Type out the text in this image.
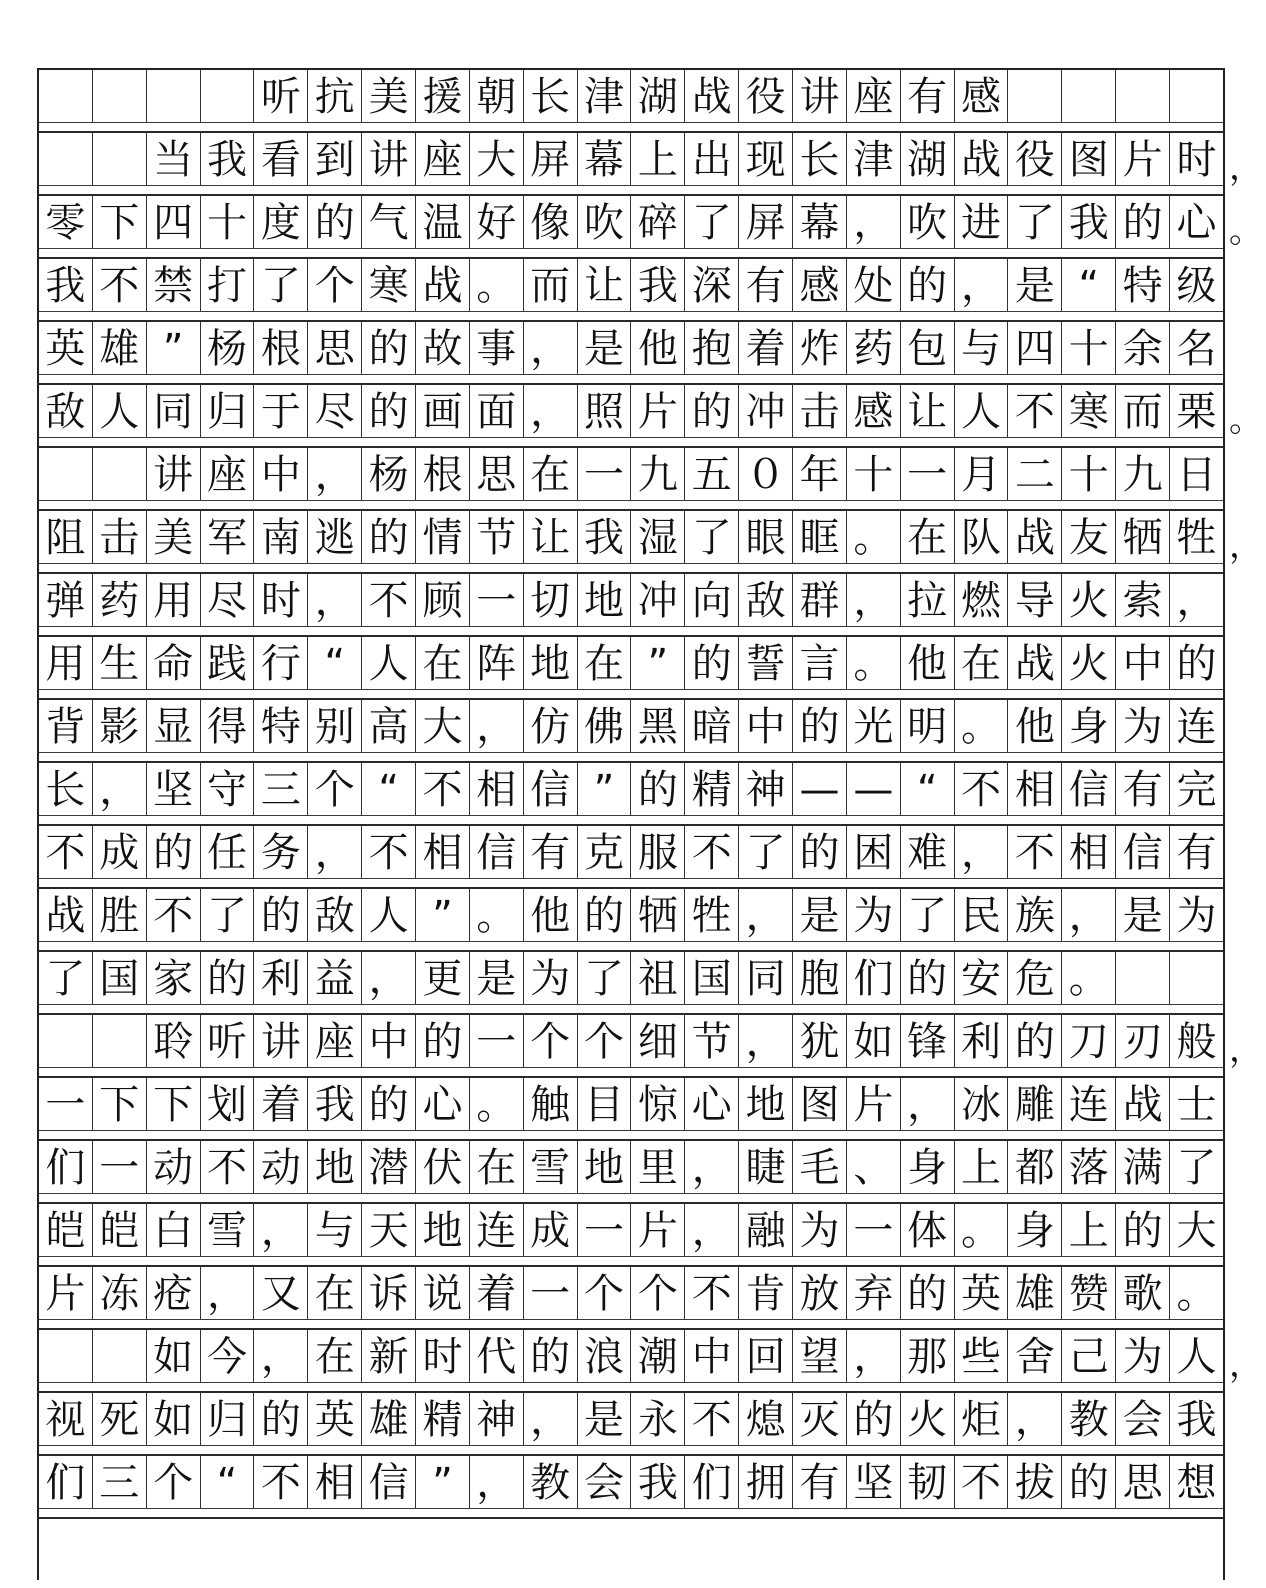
听 抗 美 援 朝 长 津 湖 战 役 讲 座 有 感
当 我 看 到 讲 座 大 屏 幕 上 出 现 长 津 湖 战 役 图 片 时 ，
零 下 四 十 度 的 气 温 好 像 吹 碎 了 屏 幕 ， 吹 进 了 我 的 心 。
我 不 禁 打 了 个 寒 战 。 而 让 我 深 有 感 处 的 ， 是 “ 特 级
英 雄 ” 杨 根 思 的 故 事 ， 是 他 抱 着 炸 药 包 与 四 十 余 名
敌 人 同 归 于 尽 的 画 面 ， 照 片 的 冲 击 感 让 人 不 寒 而 栗 。
讲 座 中 ， 杨 根 思 在 一 九 五 ０ 年 十 一 月 二 十 九 日
阻 击 美 军 南 逃 的 情 节 让 我 湿 了 眼 眶 。 在 队 战 友 牺 牲 ，
弹 药 用 尽 时 ， 不 顾 一 切 地 冲 向 敌 群 ， 拉 燃 导 火 索 ，
用 生 命 践 行 “ 人 在 阵 地 在 ” 的 誓 言 。 他 在 战 火 中 的
背 影 显 得 特 别 高 大 ， 仿 佛 黑 暗 中 的 光 明 。 他 身 为 连
长 ， 坚 守 三 个 “ 不 相 信 ” 的 精 神 — — “ 不 相 信 有 完
不 成 的 任 务 ， 不 相 信 有 克 服 不 了 的 困 难 ， 不 相 信 有
战 胜 不 了 的 敌 人 ” 。 他 的 牺 牲 ， 是 为 了 民 族 ， 是 为
了 国 家 的 利 益 ， 更 是 为 了 祖 国 同 胞 们 的 安 危 。
聆 听 讲 座 中 的 一 个 个 细 节 ， 犹 如 锋 利 的 刀 刃 般 ，
一 下 下 划 着 我 的 心 。 触 目 惊 心 地 图 片 ， 冰 雕 连 战 士
们 一 动 不 动 地 潜 伏 在 雪 地 里 ， 睫 毛 、 身 上 都 落 满 了
皑 皑 白 雪 ， 与 天 地 连 成 一 片 ， 融 为 一 体 。 身 上 的 大
片 冻 疮 ， 又 在 诉 说 着 一 个 个 不 肯 放 弃 的 英 雄 赞 歌 。
如 今 ， 在 新 时 代 的 浪 潮 中 回 望 ， 那 些 舍 己 为 人 ，
视 死 如 归 的 英 雄 精 神 ， 是 永 不 熄 灭 的 火 炬 ， 教 会 我
们 三 个 “ 不 相 信 ” ， 教 会 我 们 拥 有 坚 韧 不 拔 的 思 想
